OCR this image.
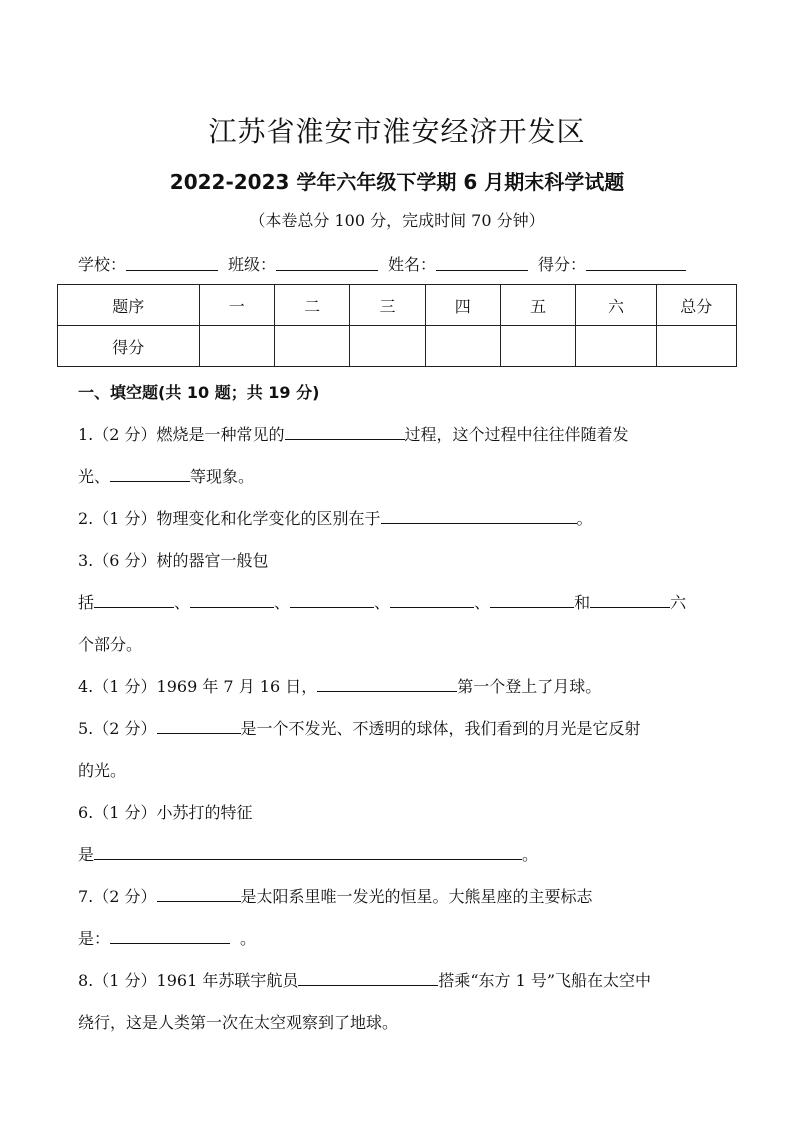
江苏省淮安市淮安经济开发区
2022-2023 学年六年级下学期 6 月期末科学试题
（本卷总分 100 分，完成时间 70 分钟）
学校：	班级：	姓名：	得分：
题序	一	二	三	四	五	六	总分
得分							
一、填空题(共 10 题；共 19 分)
1.（2 分）燃烧是一种常见的	过程，这个过程中往往伴随着发
光、	等现象。
2.（1 分）物理变化和化学变化的区别在于	。
3.（6 分）树的器官一般包
括	、	、	、	、	和	六
个部分。
4.（1 分）1969 年 7 月 16 日，	第一个登上了月球。
5.（2 分）	是一个不发光、不透明的球体，我们看到的月光是它反射
的光。
6.（1 分）小苏打的特征
是	。
7.（2 分）	是太阳系里唯一发光的恒星。大熊星座的主要标志
是：	。
8.（1 分）1961 年苏联宇航员	搭乘“东方 1 号”飞船在太空中
绕行，这是人类第一次在太空观察到了地球。
